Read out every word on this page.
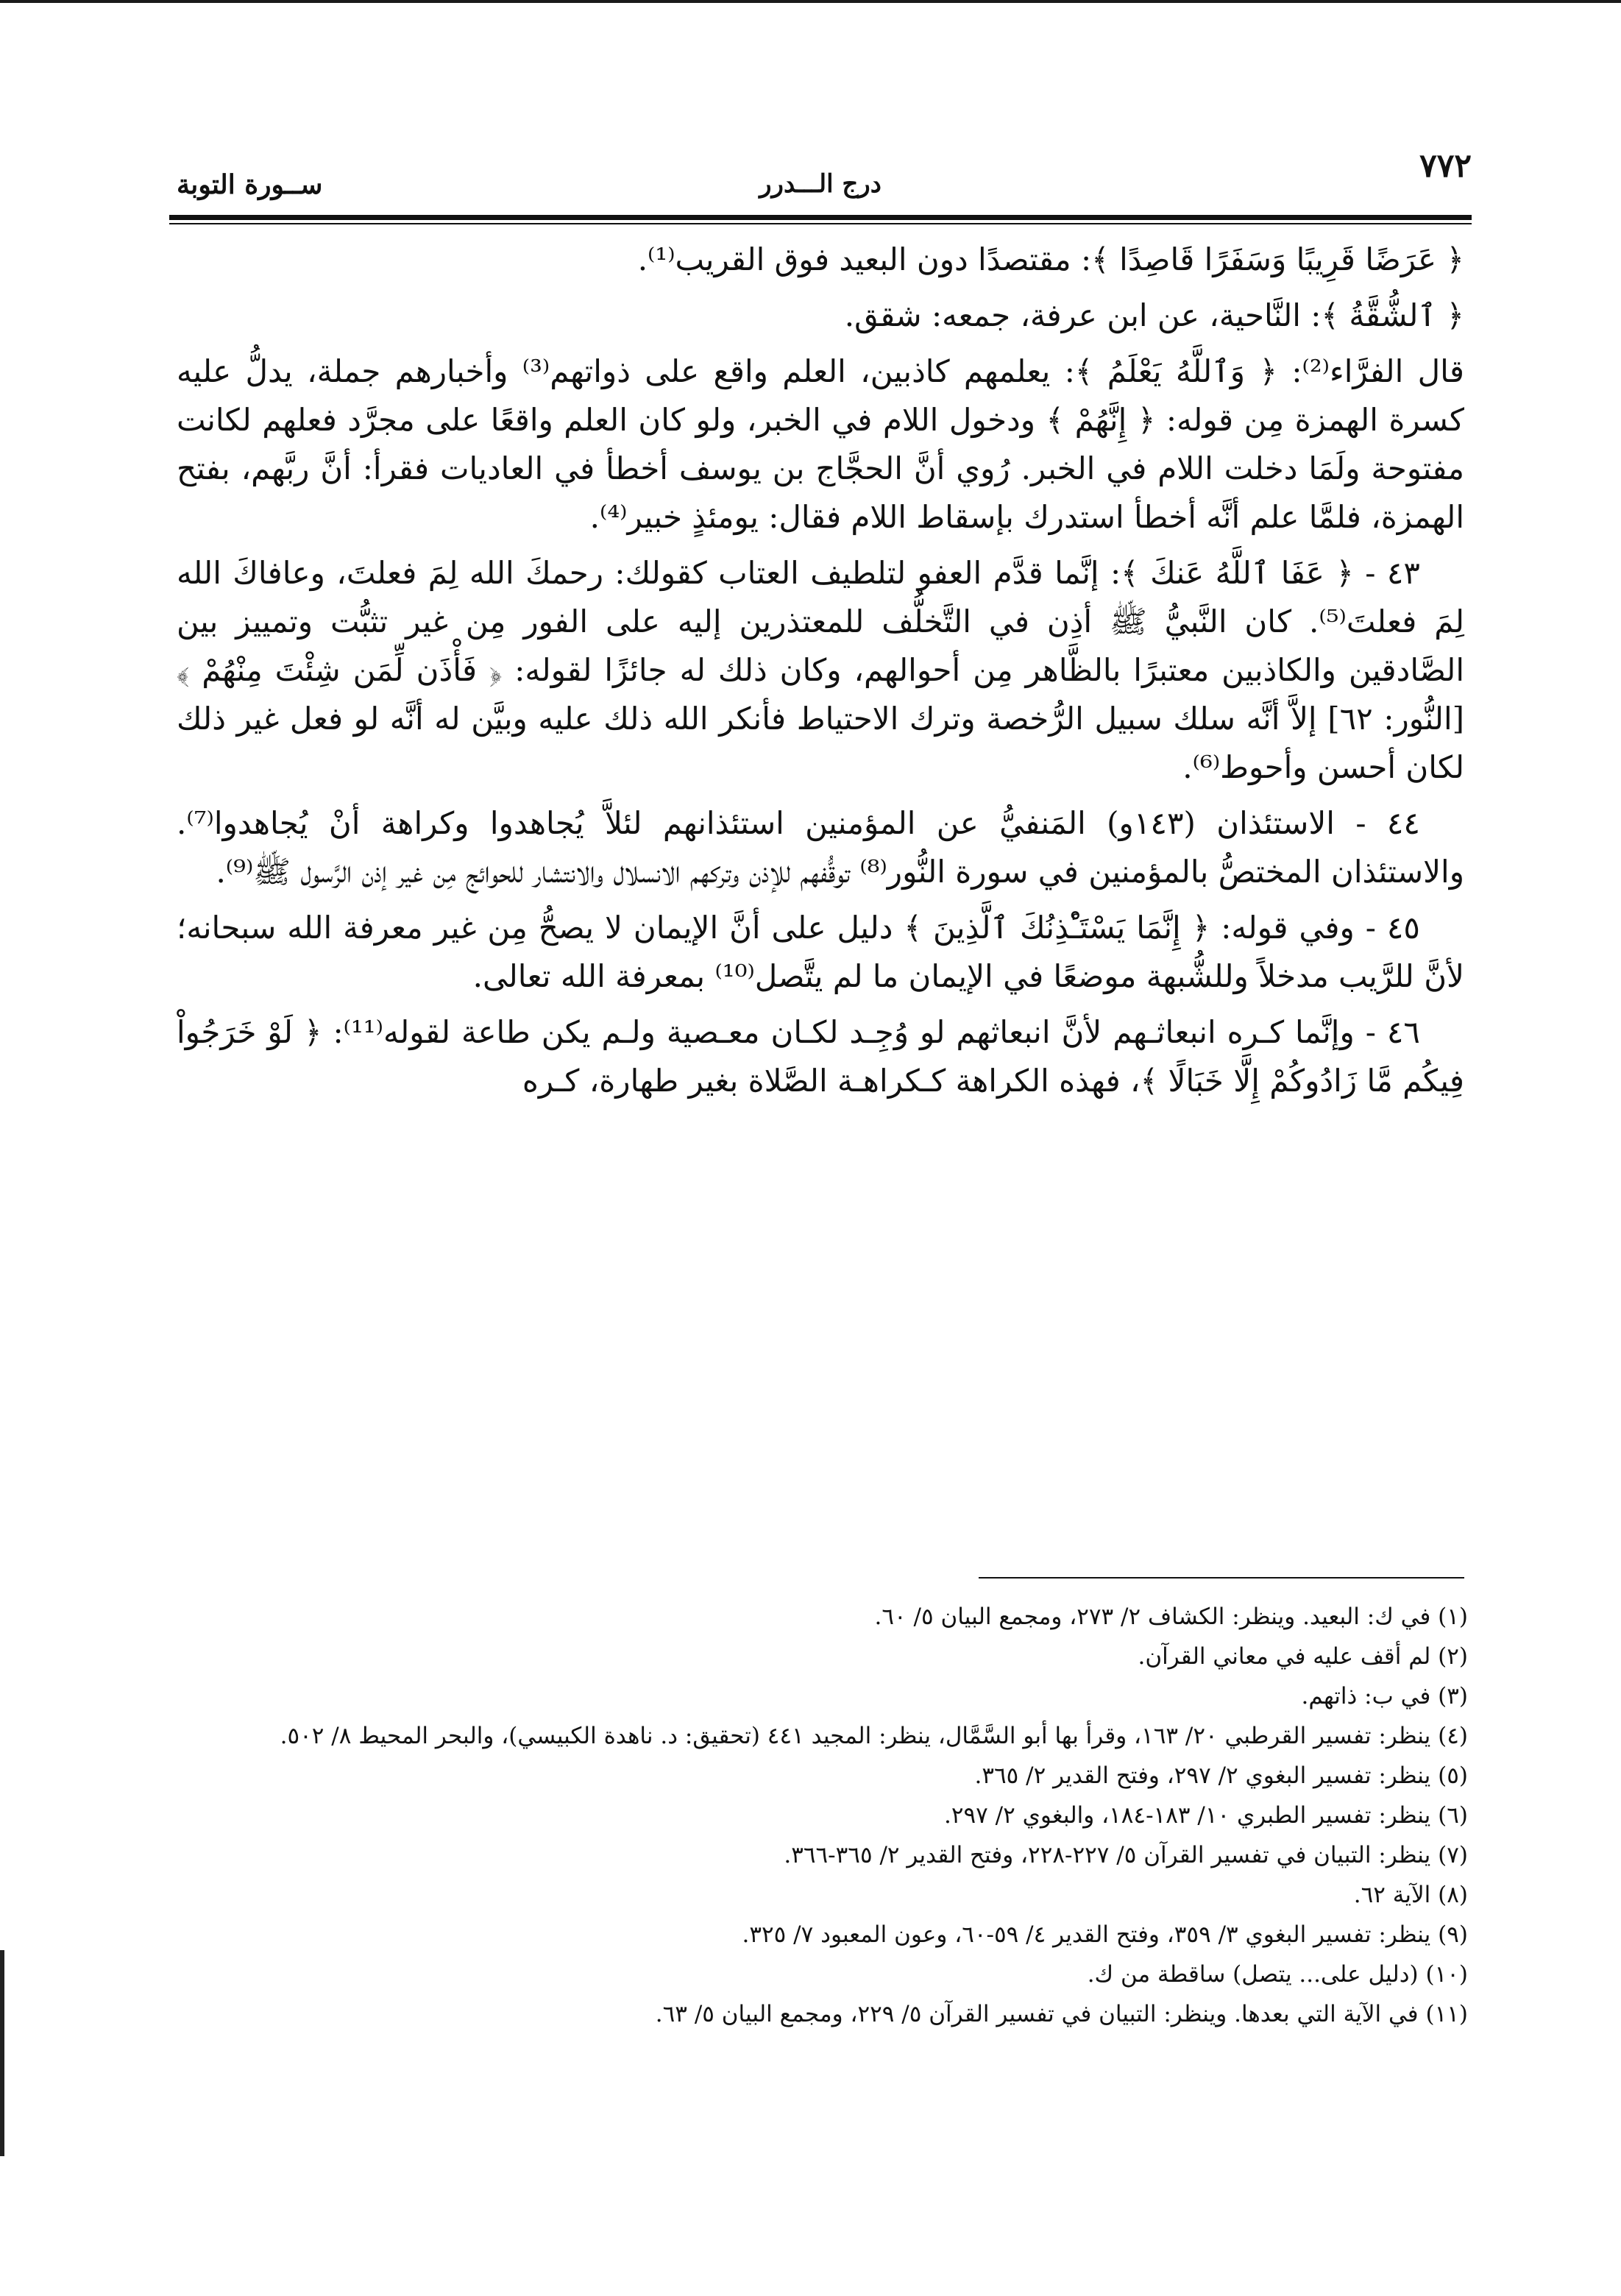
٧٧٢
درج الـــدرر
ســورة التوبة

﴿ عَرَضًا قَرِيبًا وَسَفَرًا قَاصِدًا ﴾: مقتصدًا دون البعيد فوق القريب⁽¹⁾.

﴿ ٱلشُّقَّةُ ﴾: النَّاحية، عن ابن عرفة، جمعه: شقق.

قال الفرَّاء⁽²⁾: ﴿ وَٱللَّهُ يَعْلَمُ ﴾: يعلمهم كاذبين، العلم واقع على ذواتهم⁽³⁾ وأخبارهم جملة، يدلُّ عليه كسرة الهمزة مِن قوله: ﴿ إِنَّهُمْ ﴾ ودخول اللام في الخبر، ولو كان العلم واقعًا على مجرَّد فعلهم لكانت مفتوحة ولَمَا دخلت اللام في الخبر. رُوي أنَّ الحجَّاج بن يوسف أخطأ في العاديات فقرأ: أنَّ ربَّهم، بفتح الهمزة، فلمَّا علم أنَّه أخطأ استدرك بإسقاط اللام فقال: يومئذٍ خبير⁽⁴⁾.

٤٣ - ﴿ عَفَا ٱللَّهُ عَنكَ ﴾: إنَّما قدَّم العفو لتلطيف العتاب كقولك: رحمكَ الله لِمَ فعلتَ، وعافاكَ الله لِمَ فعلتَ⁽⁵⁾. كان النَّبيُّ ﷺ أذِن في التَّخلُّف للمعتذرين إليه على الفور مِن غير تثبُّت وتمييز بين الصَّادقين والكاذبين معتبرًا بالظَّاهر مِن أحوالهم، وكان ذلك له جائزًا لقوله: ﴿ فَأْذَن لِّمَن شِئْتَ مِنْهُمْ ﴾ [النُّور: ٦٢] إلاَّ أنَّه سلك سبيل الرُّخصة وترك الاحتياط فأنكر الله ذلك عليه وبيَّن له أنَّه لو فعل غير ذلك لكان أحسن وأحوط⁽⁶⁾.

٤٤ - الاستئذان (١٤٣و) المَنفيُّ عن المؤمنين استئذانهم لئلاَّ يُجاهدوا وكراهة أنْ يُجاهدوا⁽⁷⁾. والاستئذان المختصُّ بالمؤمنين في سورة النُّور⁽⁸⁾ توقُّفهم للإذن وتركهم الانسلال والانتشار للحوائج مِن غير إذن الرَّسول ﷺ⁽⁹⁾.

٤٥ - وفي قوله: ﴿ إِنَّمَا يَسْتَـْٔذِنُكَ ٱلَّذِينَ ﴾ دليل على أنَّ الإيمان لا يصحُّ مِن غير معرفة الله سبحانه؛ لأنَّ للرَّيب مدخلاً وللشُّبهة موضعًا في الإيمان ما لم يتَّصل⁽¹⁰⁾ بمعرفة الله تعالى.

٤٦ - وإنَّما كـره انبعاثـهم لأنَّ انبعاثهم لو وُجِـد لكـان معـصية ولـم يكن طاعة لقوله⁽¹¹⁾: ﴿ لَوْ خَرَجُواْ فِيكُم مَّا زَادُوكُمْ إِلَّا خَبَالًا ﴾، فهذه الكراهة كـكراهـة الصَّلاة بغير طهارة، كـره

(١) في ك: البعيد. وينظر: الكشاف ٢/ ٢٧٣، ومجمع البيان ٥/ ٦٠.
(٢) لم أقف عليه في معاني القرآن.
(٣) في ب: ذاتهم.
(٤) ينظر: تفسير القرطبي ٢٠/ ١٦٣، وقرأ بها أبو السَّمَّال، ينظر: المجيد ٤٤١ (تحقيق: د. ناهدة الكبيسي)، والبحر المحيط ٨/ ٥٠٢.
(٥) ينظر: تفسير البغوي ٢/ ٢٩٧، وفتح القدير ٢/ ٣٦٥.
(٦) ينظر: تفسير الطبري ١٠/ ١٨٣-١٨٤، والبغوي ٢/ ٢٩٧.
(٧) ينظر: التبيان في تفسير القرآن ٥/ ٢٢٧-٢٢٨، وفتح القدير ٢/ ٣٦٥-٣٦٦.
(٨) الآية ٦٢.
(٩) ينظر: تفسير البغوي ٣/ ٣٥٩، وفتح القدير ٤/ ٥٩-٦٠، وعون المعبود ٧/ ٣٢٥.
(١٠) (دليل على... يتصل) ساقطة من ك.
(١١) في الآية التي بعدها. وينظر: التبيان في تفسير القرآن ٥/ ٢٢٩، ومجمع البيان ٥/ ٦٣.
